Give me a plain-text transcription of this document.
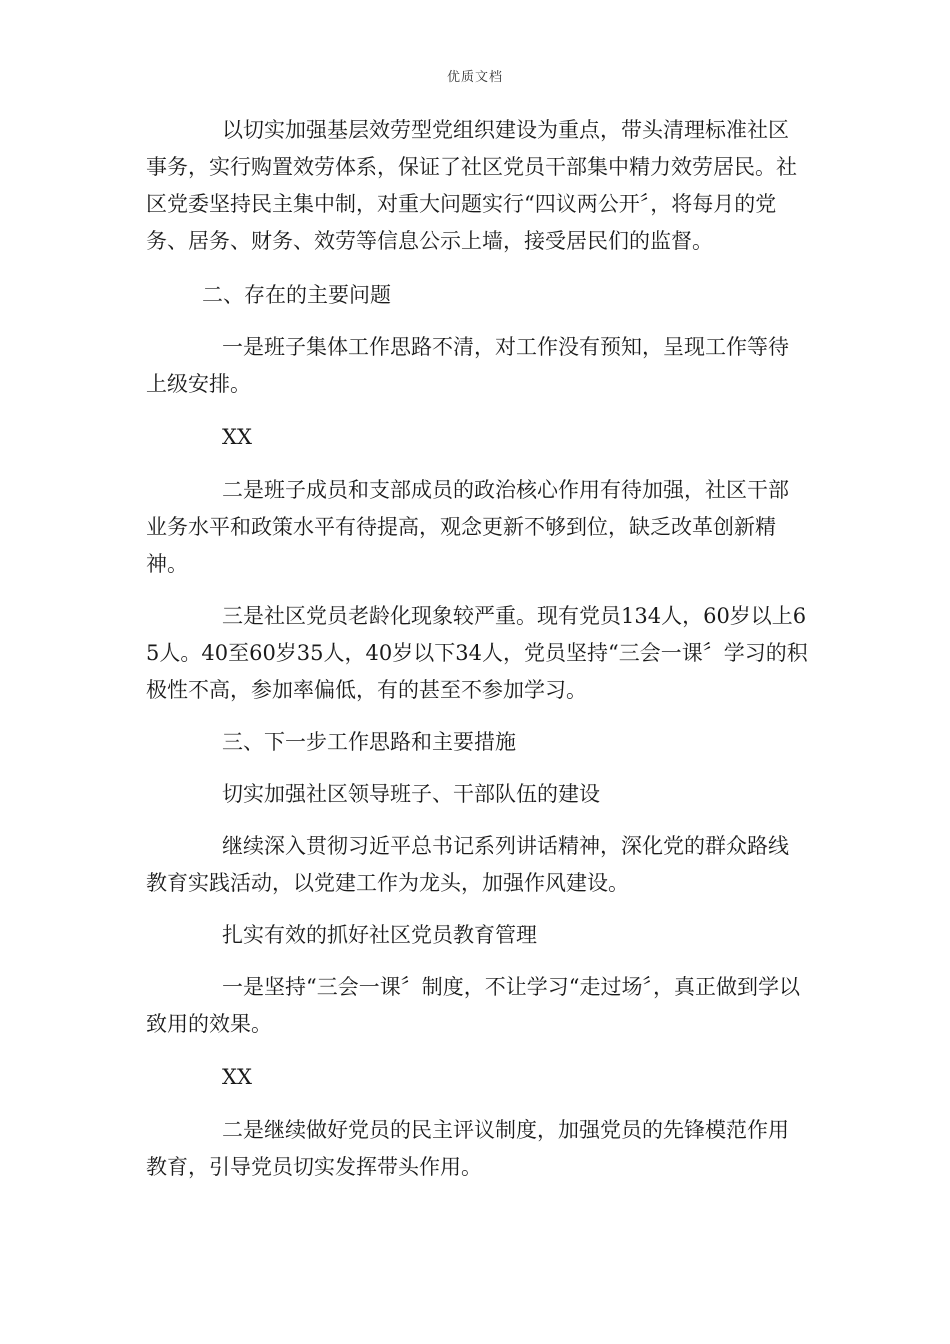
优质文档

以切实加强基层效劳型党组织建设为重点，带头清理标准社区事务，实行购置效劳体系，保证了社区党员干部集中精力效劳居民。社区党委坚持民主集中制，对重大问题实行“四议两公开〞，将每月的党务、居务、财务、效劳等信息公示上墙，接受居民们的监督。

二、存在的主要问题

一是班子集体工作思路不清，对工作没有预知，呈现工作等待上级安排。

XX

二是班子成员和支部成员的政治核心作用有待加强，社区干部业务水平和政策水平有待提高，观念更新不够到位，缺乏改革创新精神。

三是社区党员老龄化现象较严重。现有党员134人，60岁以上65人。40至60岁35人，40岁以下34人，党员坚持“三会一课〞学习的积极性不高，参加率偏低，有的甚至不参加学习。

三、下一步工作思路和主要措施

切实加强社区领导班子、干部队伍的建设

继续深入贯彻习近平总书记系列讲话精神，深化党的群众路线教育实践活动，以党建工作为龙头，加强作风建设。

扎实有效的抓好社区党员教育管理

一是坚持“三会一课〞制度，不让学习“走过场〞，真正做到学以致用的效果。

XX

二是继续做好党员的民主评议制度，加强党员的先锋模范作用教育，引导党员切实发挥带头作用。
